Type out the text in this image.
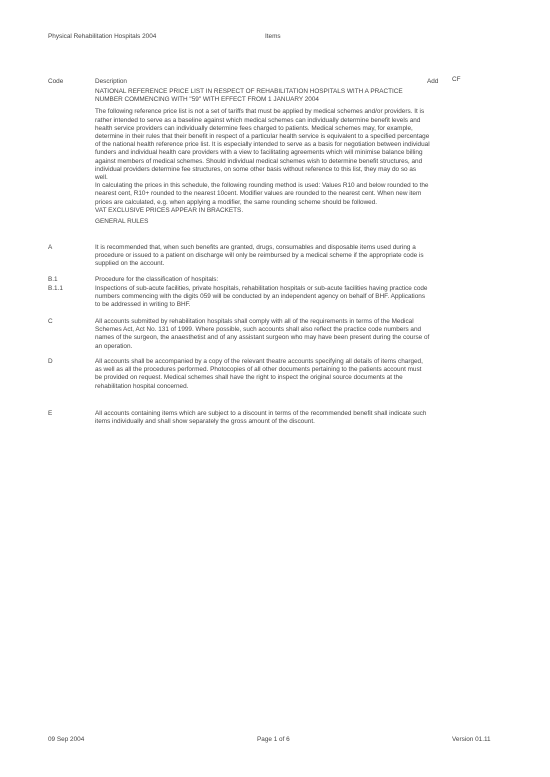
Physical Rehabilitation Hospitals 2004	Items
Code	Description	Add CF

NATIONAL REFERENCE PRICE LIST IN RESPECT OF REHABILITATION HOSPITALS WITH A PRACTICE NUMBER COMMENCING WITH "59" WITH EFFECT FROM 1 JANUARY 2004

The following reference price list is not a set of tariffs that must be applied by medical schemes and/or providers. It is rather intended to serve as a baseline against which medical schemes can individually determine benefit levels and health service providers can individually determine fees charged to patients. Medical schemes may, for example, determine in their rules that their benefit in respect of a particular health service is equivalent to a specified percentage of the national health reference price list. It is especially intended to serve as a basis for negotiation between individual funders and individual health care providers with a view to facilitating agreements which will minimise balance billing against members of medical schemes. Should individual medical schemes wish to determine benefit structures, and individual providers determine fee structures, on some other basis without reference to this list, they may do so as well.

In calculating the prices in this schedule, the following rounding method is used: Values R10 and below rounded to the nearest cent, R10+ rounded to the nearest 10cent. Modifier values are rounded to the nearest cent. When new item prices are calculated, e.g. when applying a modifier, the same rounding scheme should be followed.

VAT EXCLUSIVE PRICES APPEAR IN BRACKETS.

GENERAL RULES

A	It is recommended that, when such benefits are granted, drugs, consumables and disposable items used during a procedure or issued to a patient on discharge will only be reimbursed by a medical scheme if the appropriate code is supplied on the account.
B.1	Procedure for the classification of hospitals:
B.1.1	Inspections of sub-acute facilities, private hospitals, rehabilitation hospitals or sub-acute facilities having practice code numbers commencing with the digits 059 will be conducted by an independent agency on behalf of BHF. Applications to be addressed in writing to BHF.
C	All accounts submitted by rehabilitation hospitals shall comply with all of the requirements in terms of the Medical Schemes Act, Act No. 131 of 1999. Where possible, such accounts shall also reflect the practice code numbers and names of the surgeon, the anaesthetist and of any assistant surgeon who may have been present during the course of an operation.
D	All accounts shall be accompanied by a copy of the relevant theatre accounts specifying all details of items charged, as well as all the procedures performed. Photocopies of all other documents pertaining to the patients account must be provided on request. Medical schemes shall have the right to inspect the original source documents at the rehabilitation hospital concerned.
E	All accounts containing items which are subject to a discount in terms of the recommended benefit shall indicate such items individually and shall show separately the gross amount of the discount.
09 Sep 2004	Page 1 of 6	Version 01.11
